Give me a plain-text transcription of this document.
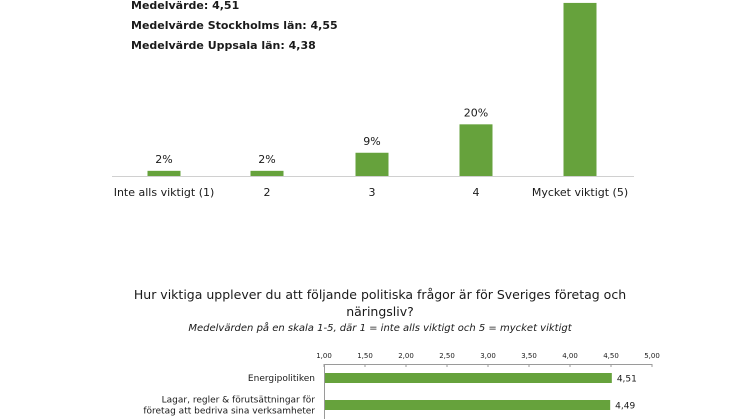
Medelvärde: 4,51
Medelvärde Stockholms län: 4,55
Medelvärde Uppsala län: 4,38
2%
Inte alls viktigt (1)
2%
2
9%
3
20%
4	Mycket viktigt (5)
Hur viktiga upplever du att följande politiska frågor är för Sveriges företag och näringsliv?
Medelvärden på en skala 1-5, där 1 = inte alls viktigt och 5 = mycket viktigt
1,00	1,50	2,00	2,50	3,00	3,50	4,00	4,50	5,00
4,51
Energipolitiken
4,49
Lagar, regler & förutsättningar för
företag att bedriva sina verksamheter
